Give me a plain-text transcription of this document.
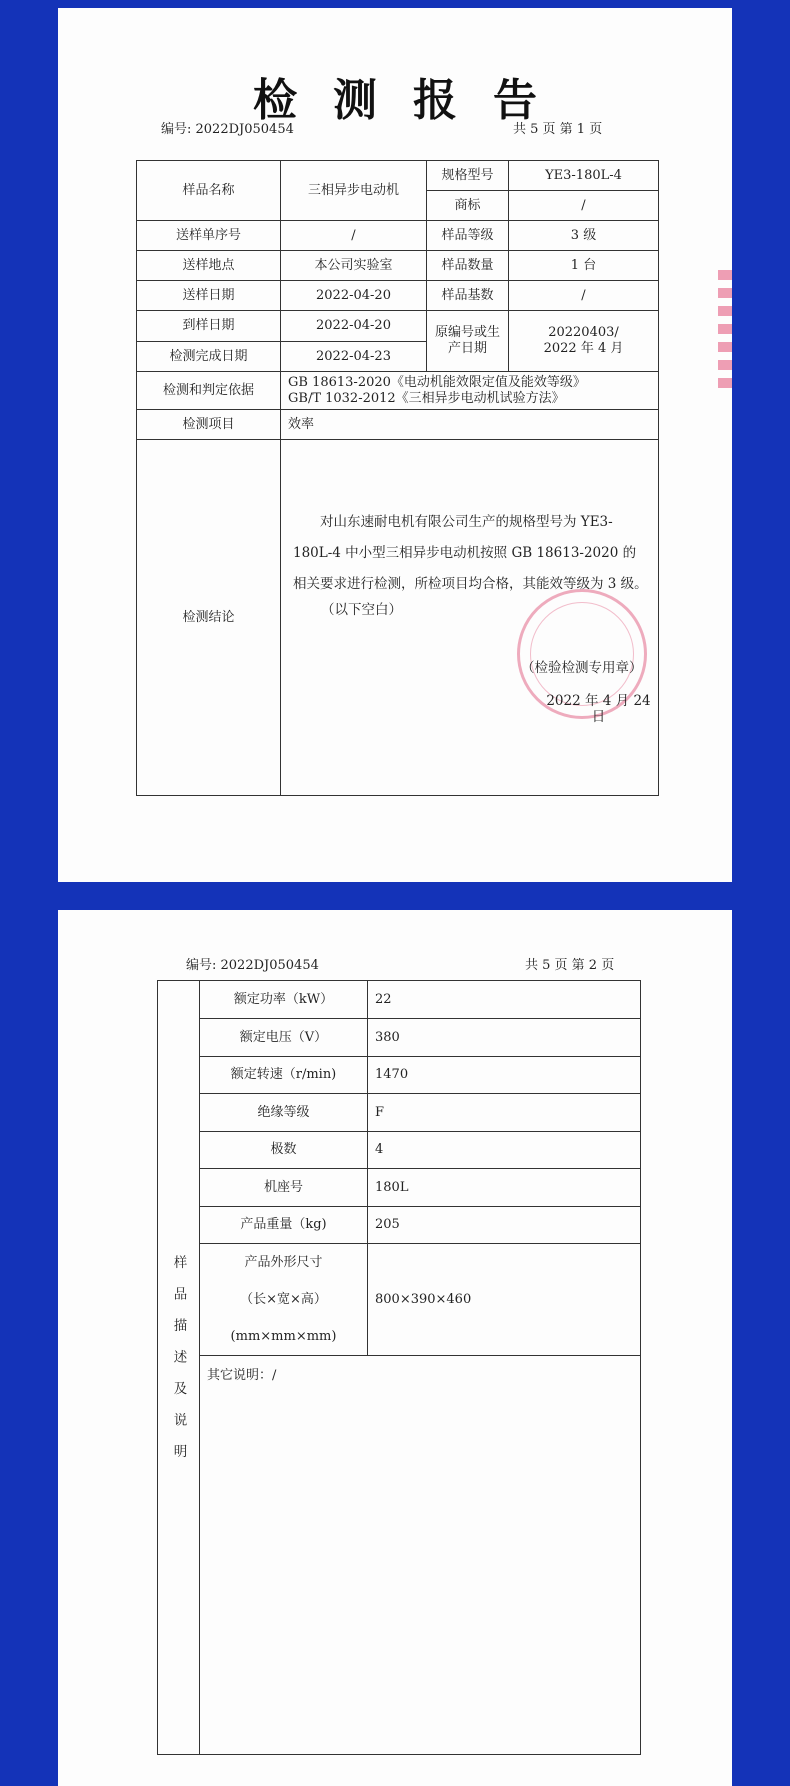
检测报告
编号: 2022DJ050454	共 5 页 第 1 页
样品名称	三相异步电动机	规格型号	YE3-180L-4
		商标	/
送样单序号	/	样品等级	3 级
送样地点	本公司实验室	样品数量	1 台
送样日期	2022-04-20	样品基数	/
到样日期	2022-04-20	原编号或生产日期	20220403/
2022 年 4 月

检测完成日期	2022-04-23		
检测和判定依据	GB 18613-2020《电动机能效限定值及能效等级》
GB/T 1032-2012《三相异步电动机试验方法》		

检测项目	效率		
检测结论	对山东速耐电机有限公司生产的规格型号为 YE3-180L-4 中小型三相异步电动机按照 GB 18613-2020 的相关要求进行检测，所检项目均合格，其能效等级为 3 级。
（以下空白）
（检验检测专用章）
2022 年 4 月 24 日		
编号: 2022DJ050454	共 5 页 第 2 页
样品描述及说明	额定功率（kW）	22
	额定电压（V）	380
	额定转速（r/min)	1470
	绝缘等级	F
	极数	4
	机座号	180L
	产品重量（kg)	205

	产品外形尺寸
（长×宽×高）
(mm×mm×mm)	800×390×460
	其它说明：/	
